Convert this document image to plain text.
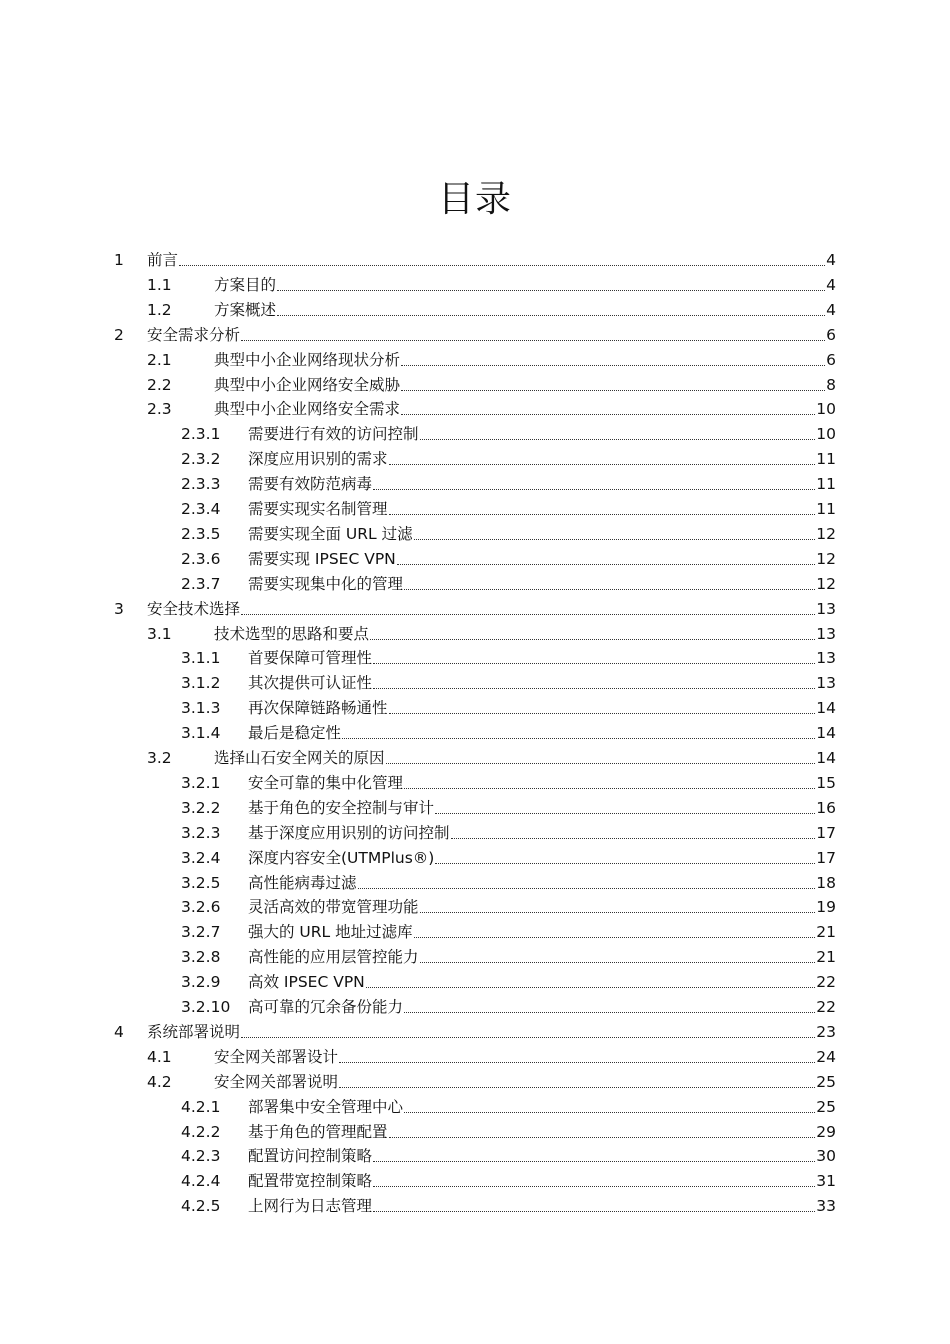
目录
1 前言	4
1.1	方案目的	4
1.2	方案概述	4
2 安全需求分析	6
2.1	典型中小企业网络现状分析	6
2.2	典型中小企业网络安全威胁	8
2.3	典型中小企业网络安全需求	10
2.3.1 需要进行有效的访问控制	10
2.3.2 深度应用识别的需求	11
2.3.3 需要有效防范病毒	11
2.3.4 需要实现实名制管理	11
2.3.5 需要实现全面 URL 过滤	12
2.3.6 需要实现 IPSEC VPN	12
2.3.7 需要实现集中化的管理	12
3 安全技术选择	13
3.1	技术选型的思路和要点	13
3.1.1 首要保障可管理性	13
3.1.2 其次提供可认证性	13
3.1.3 再次保障链路畅通性	14
3.1.4 最后是稳定性	14
3.2	选择山石安全网关的原因	14
3.2.1 安全可靠的集中化管理	15
3.2.2 基于角色的安全控制与审计	16
3.2.3 基于深度应用识别的访问控制	17
3.2.4 深度内容安全(UTMPlus®)	17
3.2.5 高性能病毒过滤	18
3.2.6 灵活高效的带宽管理功能	19
3.2.7 强大的 URL 地址过滤库	21
3.2.8 高性能的应用层管控能力	21
3.2.9 高效 IPSEC VPN	22
3.2.10 高可靠的冗余备份能力	22
4 系统部署说明	23
4.1	安全网关部署设计	24
4.2	安全网关部署说明	25
4.2.1 部署集中安全管理中心	25
4.2.2 基于角色的管理配置	29
4.2.3 配置访问控制策略	30
4.2.4 配置带宽控制策略	31
4.2.5 上网行为日志管理	33
